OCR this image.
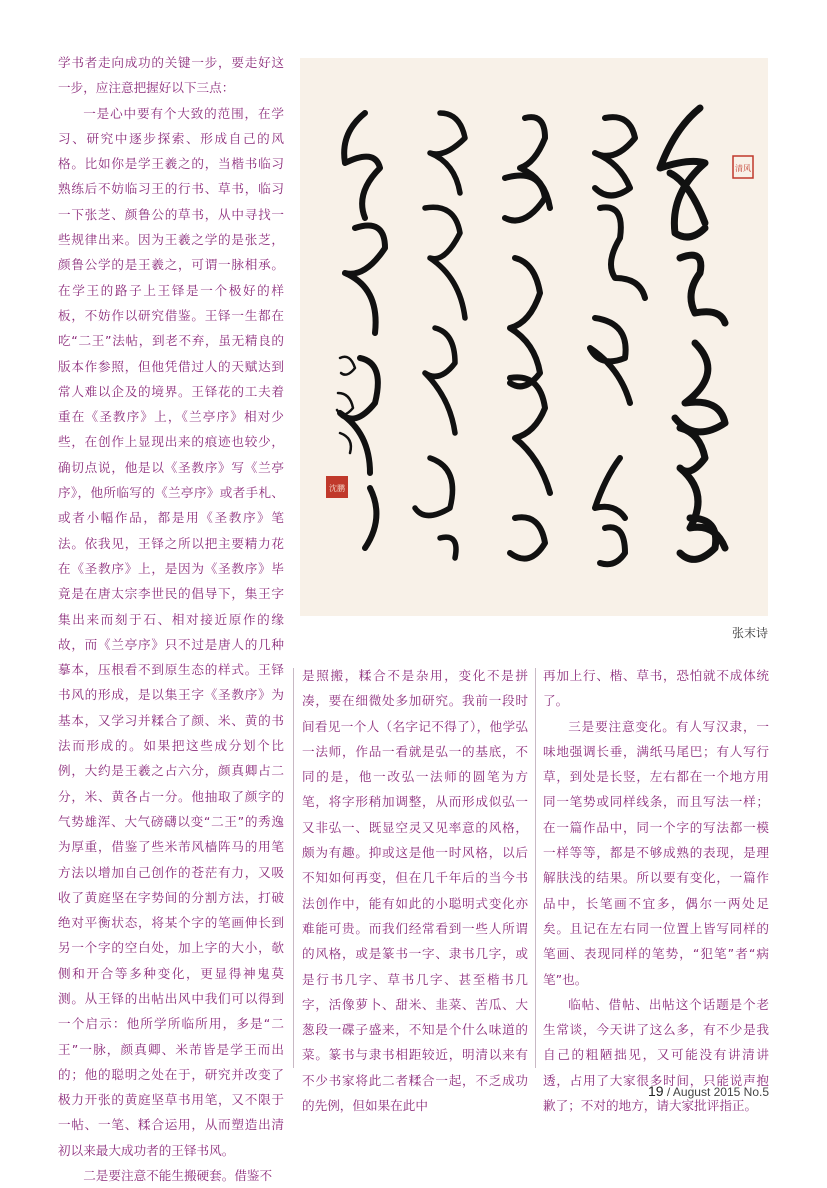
学书者走向成功的关键一步，要走好这一步，应注意把握好以下三点：

一是心中要有个大致的范围，在学习、研究中逐步探索、形成自己的风格。比如你是学王羲之的，当楷书临习熟练后不妨临习王的行书、草书，临习一下张芝、颜鲁公的草书，从中寻找一些规律出来。因为王羲之学的是张芝，颜鲁公学的是王羲之，可谓一脉相承。在学王的路子上王铎是一个极好的样板，不妨作以研究借鉴。王铎一生都在吃“二王”法帖，到老不弃，虽无精良的版本作参照，但他凭借过人的天赋达到常人难以企及的境界。王铎花的工夫着重在《圣教序》上，《兰亭序》相对少些，在创作上显现出来的痕迹也较少，确切点说，他是以《圣教序》写《兰亭序》，他所临写的《兰亭序》或者手札、或者小幅作品，都是用《圣教序》笔法。依我见，王铎之所以把主要精力花在《圣教序》上，是因为《圣教序》毕竟是在唐太宗李世民的倡导下，集王字集出来而刻于石、相对接近原作的缘故，而《兰亭序》只不过是唐人的几种摹本，压根看不到原生态的样式。王铎书风的形成，是以集王字《圣教序》为基本，又学习并糅合了颜、米、黄的书法而形成的。如果把这些成分划个比例，大约是王羲之占六分，颜真卿占二分，米、黄各占一分。他抽取了颜字的气势雄浑、大气磅礴以变“二王”的秀逸为厚重，借鉴了些米芾风樯阵马的用笔方法以增加自己创作的苍茫有力，又吸收了黄庭坚在字势间的分割方法，打破绝对平衡状态，将某个字的笔画伸长到另一个字的空白处，加上字的大小，欹侧和开合等多种变化，更显得神鬼莫测。从王铎的出帖出风中我们可以得到一个启示：他所学所临所用，多是“二王”一脉，颜真卿、米芾皆是学王而出的；他的聪明之处在于，研究并改变了极力开张的黄庭坚草书用笔，又不限于一帖、一笔、糅合运用，从而塑造出清初以来最大成功者的王铎书风。

二是要注意不能生搬硬套。借鉴不

清风
沈鹏
张末诗

是照搬，糅合不是杂用，变化不是拼凑，要在细微处多加研究。我前一段时间看见一个人（名字记不得了），他学弘一法师，作品一看就是弘一的基底，不同的是，他一改弘一法师的圆笔为方笔，将字形稍加调整，从而形成似弘一又非弘一、既显空灵又见率意的风格，颇为有趣。抑或这是他一时风格，以后不知如何再变，但在几千年后的当今书法创作中，能有如此的小聪明式变化亦难能可贵。而我们经常看到一些人所谓的风格，或是篆书一字、隶书几字，或是行书几字、草书几字、甚至楷书几字，活像萝卜、甜米、韭菜、苦瓜、大葱段一碟子盛来，不知是个什么味道的菜。篆书与隶书相距较近，明清以来有不少书家将此二者糅合一起，不乏成功的先例，但如果在此中

再加上行、楷、草书，恐怕就不成体统了。

三是要注意变化。有人写汉隶，一味地强调长垂，满纸马尾巴；有人写行草，到处是长竖，左右都在一个地方用同一笔势或同样线条，而且写法一样；在一篇作品中，同一个字的写法都一模一样等等，都是不够成熟的表现，是理解肤浅的结果。所以要有变化，一篇作品中，长笔画不宜多，偶尔一两处足矣。且记在左右同一位置上皆写同样的笔画、表现同样的笔势，“犯笔”者“病笔”也。

临帖、借帖、出帖这个话题是个老生常谈，今天讲了这么多，有不少是我自己的粗陋拙见，又可能没有讲清讲透，占用了大家很多时间，只能说声抱歉了；不对的地方，请大家批评指正。

19 / August 2015 No.5
